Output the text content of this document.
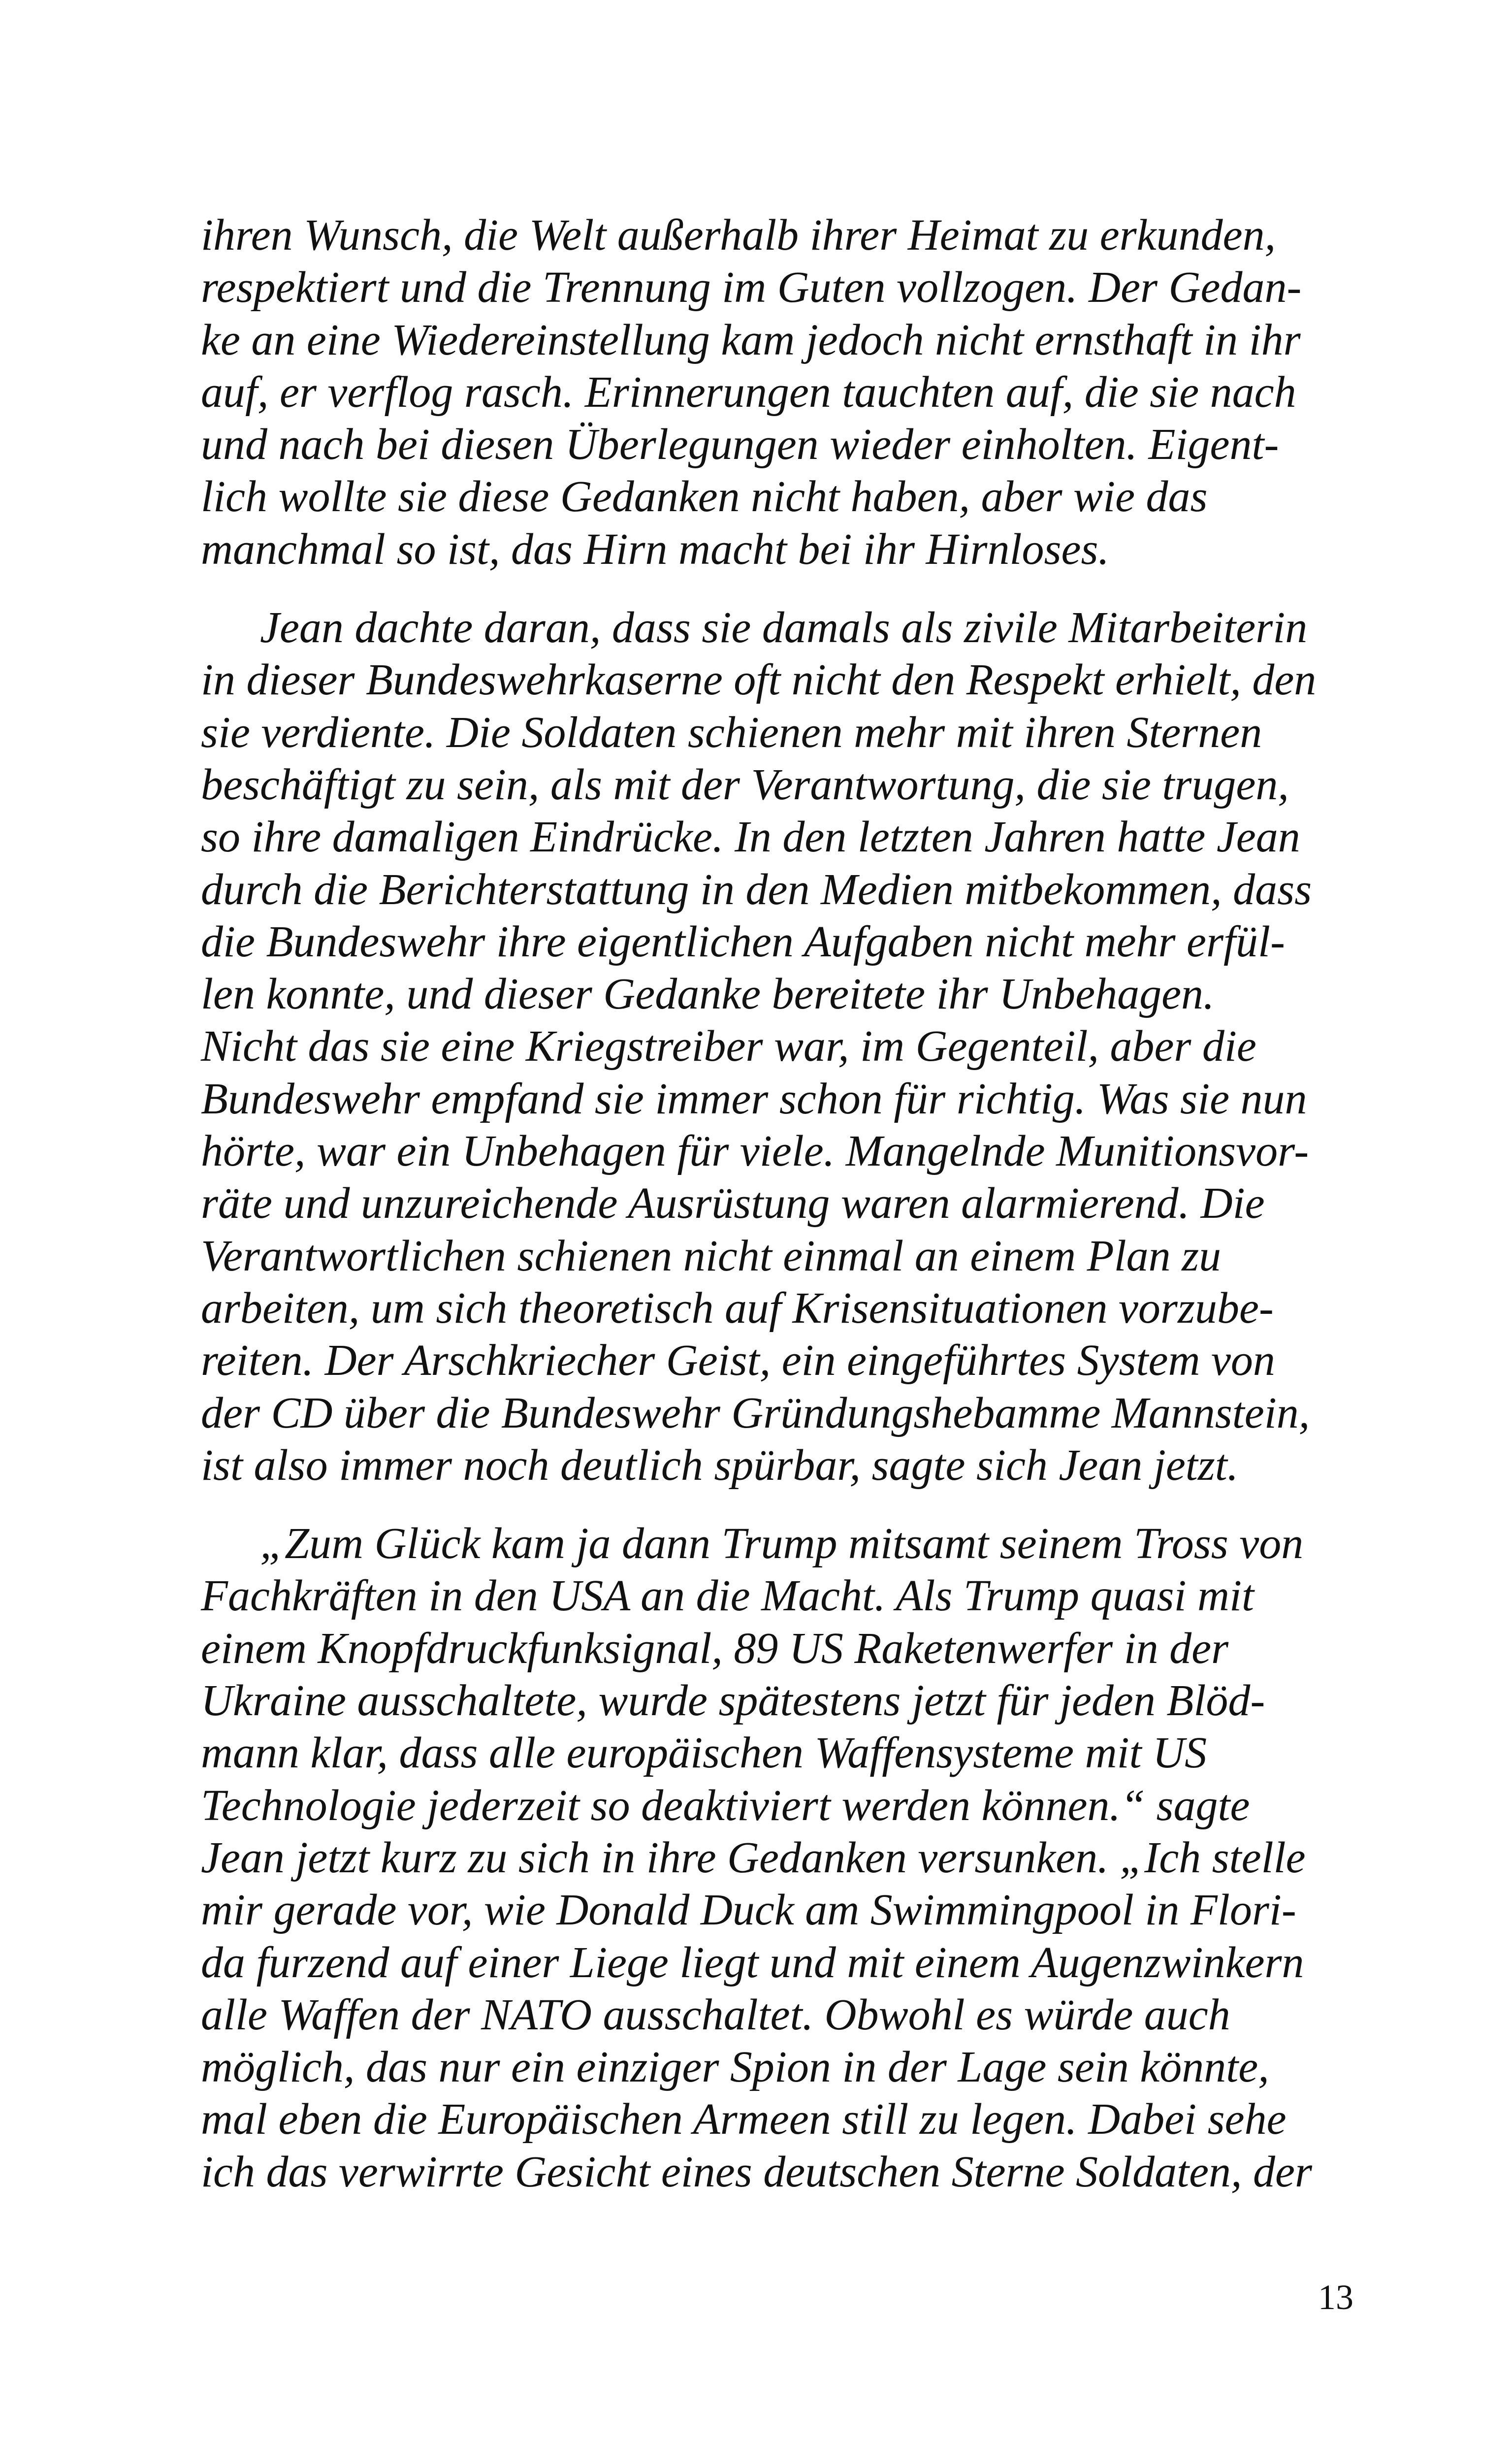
ihren Wunsch, die Welt außerhalb ihrer Heimat zu erkunden,
respektiert und die Trennung im Guten vollzogen. Der Gedan-
ke an eine Wiedereinstellung kam jedoch nicht ernsthaft in ihr
auf, er verflog rasch. Erinnerungen tauchten auf, die sie nach
und nach bei diesen Überlegungen wieder einholten. Eigent-
lich wollte sie diese Gedanken nicht haben, aber wie das
manchmal so ist, das Hirn macht bei ihr Hirnloses.

Jean dachte daran, dass sie damals als zivile Mitarbeiterin
in dieser Bundeswehrkaserne oft nicht den Respekt erhielt, den
sie verdiente. Die Soldaten schienen mehr mit ihren Sternen
beschäftigt zu sein, als mit der Verantwortung, die sie trugen,
so ihre damaligen Eindrücke. In den letzten Jahren hatte Jean
durch die Berichterstattung in den Medien mitbekommen, dass
die Bundeswehr ihre eigentlichen Aufgaben nicht mehr erfül-
len konnte, und dieser Gedanke bereitete ihr Unbehagen.
Nicht das sie eine Kriegstreiber war, im Gegenteil, aber die
Bundeswehr empfand sie immer schon für richtig. Was sie nun
hörte, war ein Unbehagen für viele. Mangelnde Munitionsvor-
räte und unzureichende Ausrüstung waren alarmierend. Die
Verantwortlichen schienen nicht einmal an einem Plan zu
arbeiten, um sich theoretisch auf Krisensituationen vorzube-
reiten. Der Arschkriecher Geist, ein eingeführtes System von
der CD über die Bundeswehr Gründungshebamme Mannstein,
ist also immer noch deutlich spürbar, sagte sich Jean jetzt.

„Zum Glück kam ja dann Trump mitsamt seinem Tross von
Fachkräften in den USA an die Macht. Als Trump quasi mit
einem Knopfdruckfunksignal, 89 US Raketenwerfer in der
Ukraine ausschaltete, wurde spätestens jetzt für jeden Blöd-
mann klar, dass alle europäischen Waffensysteme mit US
Technologie jederzeit so deaktiviert werden können.“ sagte
Jean jetzt kurz zu sich in ihre Gedanken versunken. „Ich stelle
mir gerade vor, wie Donald Duck am Swimmingpool in Flori-
da furzend auf einer Liege liegt und mit einem Augenzwinkern
alle Waffen der NATO ausschaltet. Obwohl es würde auch
möglich, das nur ein einziger Spion in der Lage sein könnte,
mal eben die Europäischen Armeen still zu legen. Dabei sehe
ich das verwirrte Gesicht eines deutschen Sterne Soldaten, der

13
